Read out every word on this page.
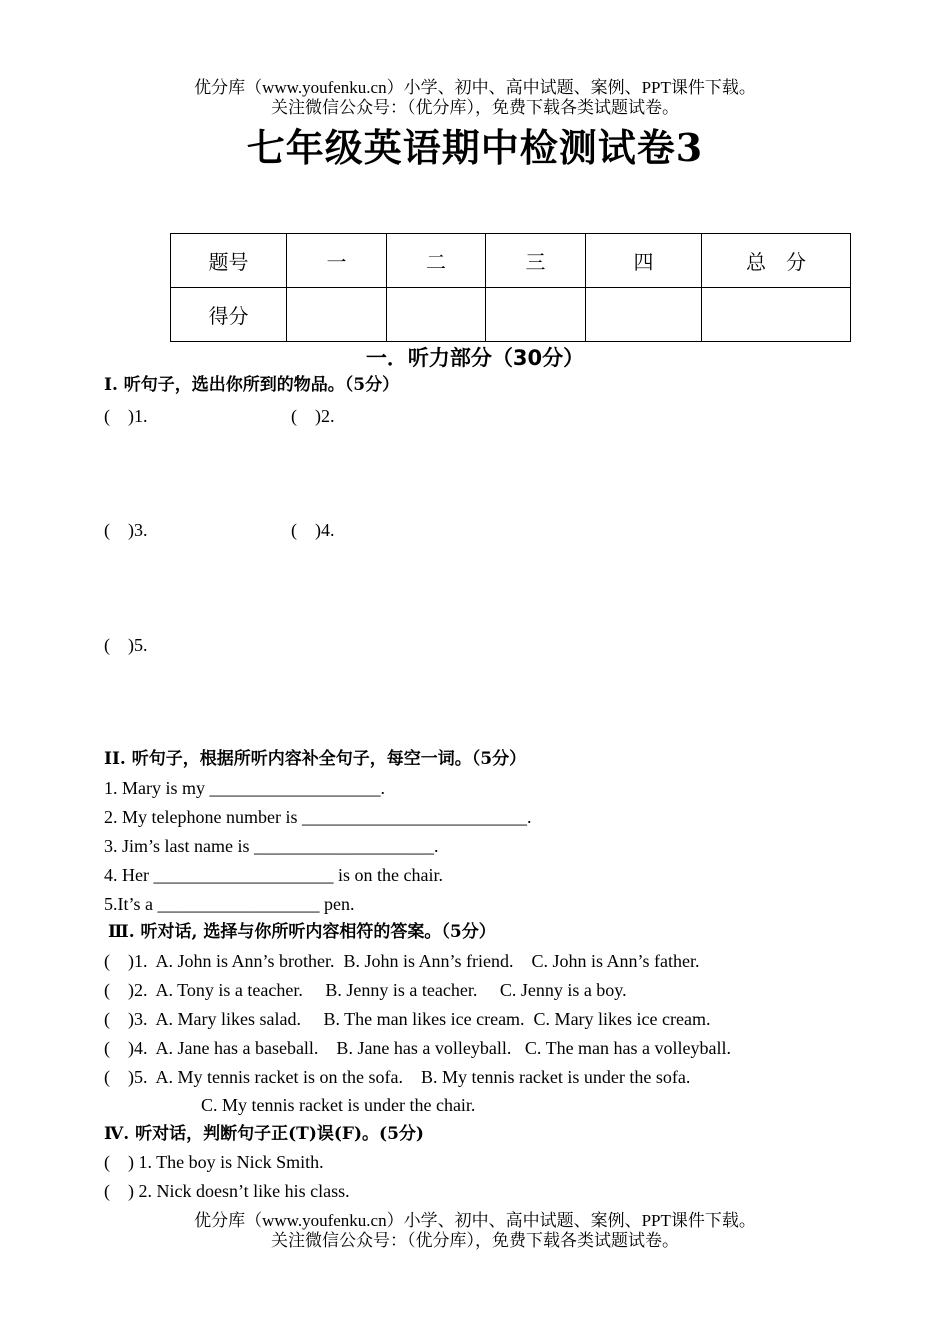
优分库（www.youfenku.cn）小学、初中、高中试题、案例、PPT课件下载。
关注微信公众号：（优分库），免费下载各类试题试卷。
七年级英语期中检测试卷3
题号	一	二	三	四	总　分
得分					
一．听力部分（30分）
I. 听句子，选出你所到的物品。（5分）
(　)1.	(　)2.
(　)3.	(　)4.
(　)5.
II. 听句子，根据所听内容补全句子，每空一词。（5分）
1. Mary is my ___________________.
2. My telephone number is _________________________.
3. Jim’s last name is ____________________.
4. Her ____________________ is on the chair.
5.It’s a __________________ pen.
Ⅲ. 听对话, 选择与你所听内容相符的答案。（5分）
(　)1.  A. John is Ann’s brother.  B. John is Ann’s friend.    C. John is Ann’s father.
(　)2.  A. Tony is a teacher.     B. Jenny is a teacher.     C. Jenny is a boy.
(　)3.  A. Mary likes salad.     B. The man likes ice cream.  C. Mary likes ice cream.
(　)4.  A. Jane has a baseball.    B. Jane has a volleyball.   C. The man has a volleyball.
(　)5.  A. My tennis racket is on the sofa.    B. My tennis racket is under the sofa.
C. My tennis racket is under the chair.
Ⅳ. 听对话，判断句子正(T)误(F)。(5分)
(　) 1. The boy is Nick Smith.
(　) 2. Nick doesn’t like his class.
优分库（www.youfenku.cn）小学、初中、高中试题、案例、PPT课件下载。
关注微信公众号：（优分库），免费下载各类试题试卷。
